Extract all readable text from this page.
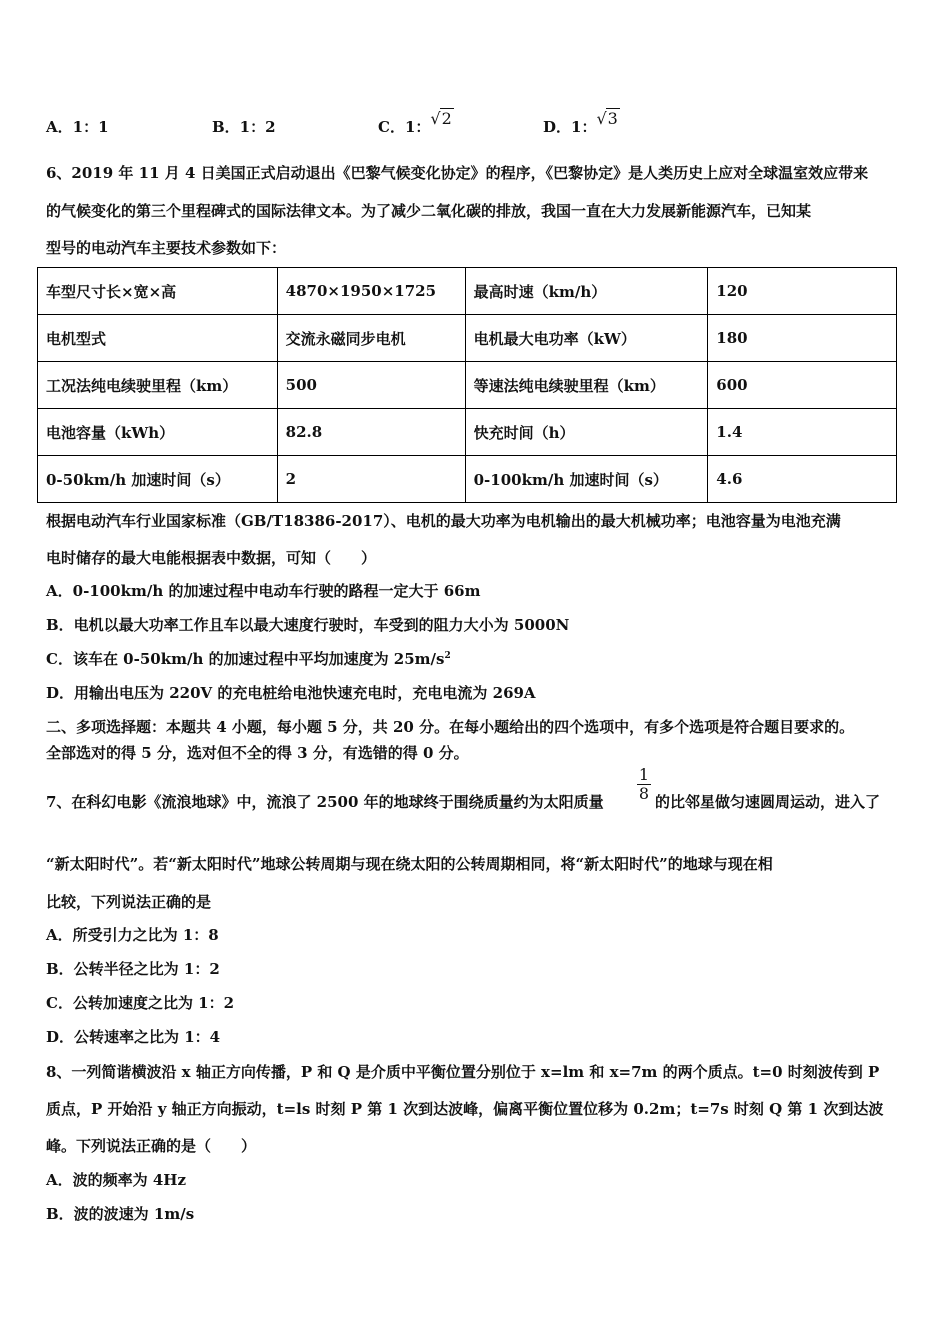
A．1：1	B．1：2	C．1：√2	D．1：√3
6、2019 年 11 月 4 日美国正式启动退出《巴黎气候变化协定》的程序，《巴黎协定》是人类历史上应对全球温室效应带来
的气候变化的第三个里程碑式的国际法律文本。为了减少二氧化碳的排放，我国一直在大力发展新能源汽车，已知某
型号的电动汽车主要技术参数如下：
车型尺寸长×宽×高	4870×1950×1725	最高时速（km/h）	120
电机型式	交流永磁同步电机	电机最大电功率（kW）	180
工况法纯电续驶里程（km）	500	等速法纯电续驶里程（km）	600
电池容量（kWh）	82.8	快充时间（h）	1.4
0-50km/h 加速时间（s）	2	0-100km/h 加速时间（s）	4.6
根据电动汽车行业国家标准（GB/T18386-2017）、电机的最大功率为电机输出的最大机械功率；电池容量为电池充满
电时储存的最大电能根据表中数据，可知（　　）
A．0-100km/h 的加速过程中电动车行驶的路程一定大于 66m
B．电机以最大功率工作且车以最大速度行驶时，车受到的阻力大小为 5000N
C．该车在 0-50km/h 的加速过程中平均加速度为 $25m/s^2$
D．用输出电压为 220V 的充电桩给电池快速充电时，充电电流为 269A
二、多项选择题：本题共 4 小题，每小题 5 分，共 20 分。在每小题给出的四个选项中，有多个选项是符合题目要求的。
全部选对的得 5 分，选对但不全的得 3 分，有选错的得 0 分。
7、在科幻电影《流浪地球》中，流浪了 2500 年的地球终于围绕质量约为太阳质量 $\frac{1}{8}$ 的比邻星做匀速圆周运动，进入了
“新太阳时代”。若“新太阳时代”地球公转周期与现在绕太阳的公转周期相同，将“新太阳时代”的地球与现在相
比较，下列说法正确的是
A．所受引力之比为 1：8
B．公转半径之比为 1：2
C．公转加速度之比为 1：2
D．公转速率之比为 1：4
8、一列简谐横波沿 x 轴正方向传播，P 和 Q 是介质中平衡位置分别位于 x=lm 和 x=7m 的两个质点。t=0 时刻波传到 P
质点，P 开始沿 y 轴正方向振动，t=ls 时刻 P 第 1 次到达波峰，偏离平衡位置位移为 0.2m；t=7s 时刻 Q 第 1 次到达波
峰。下列说法正确的是（　　）
A．波的频率为 4Hz
B．波的波速为 1m/s
